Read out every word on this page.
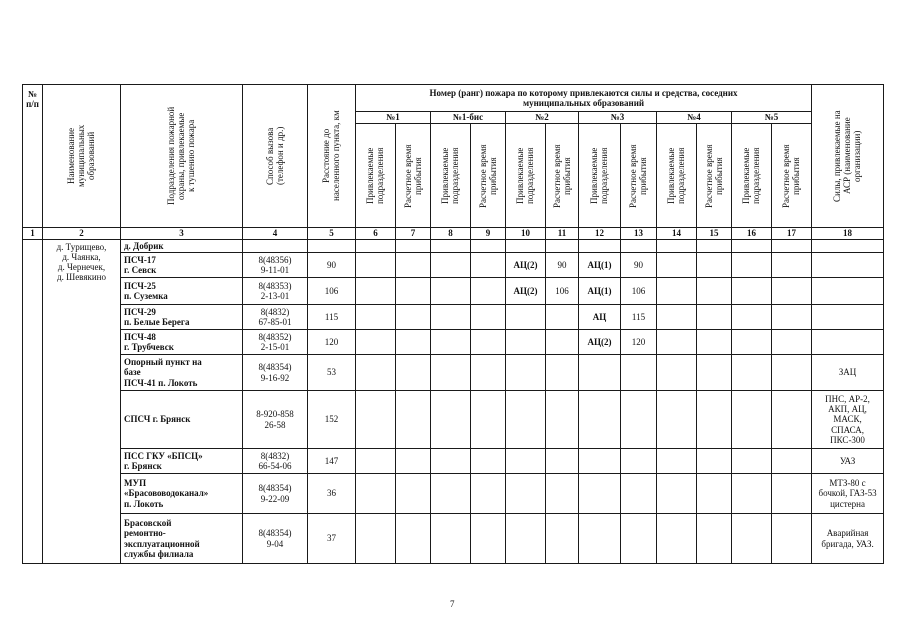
№
п/п	Наименование
муниципальных
образований	Подразделения пожарной
охраны, привлекаемые
к тушению пожара	Способ вызова
(телефон и др.)	Расстояние до
населенного пункта, км	Номер (ранг) пожара по которому привлекаются силы и средства, соседних
муниципальных образований												Силы, привлекаемые на
АСР (наименование
организации)

					№1		№1-бис		№2		№3		№4		№5		

					Привлекаемые
подразделения	Расчетное время
прибытия	Привлекаемые
подразделения	Расчетное время
прибытия	Привлекаемые
подразделения	Расчетное время
прибытия	Привлекаемые
подразделения	Расчетное время
прибытия	Привлекаемые
подразделения	Расчетное время
прибытия	Привлекаемые
подразделения	Расчетное время
прибытия	

1	2	3	4	5	6	7	8	9	10	11	12	13	14	15	16	17	18
	д. Турищево,
д. Чаянка,
д. Чернечек,
д. Шевякино	д. Добрик															
		ПСЧ-17
г. Севск	8(48356)
9-11-01	90					АЦ(2)	90	АЦ(1)	90					
		ПСЧ-25
п. Суземка	8(48353)
2-13-01	106					АЦ(2)	106	АЦ(1)	106					
		ПСЧ-29
п. Белые Берега	8(4832)
67-85-01	115							АЦ	115					
		ПСЧ-48
г. Трубчевск	8(48352)
2-15-01	120							АЦ(2)	120					
		Опорный пункт на
базе
ПСЧ-41 п. Локоть	8(48354)
9-16-92	53													ЗАЦ
		СПСЧ г. Брянск	8-920-858
26-58	152													ПНС, АР-2,
АКП, АЦ,
МАСК,
СПАСА,
ПКС-300
		ПСС ГКУ «БПСЦ»
г. Брянск	8(4832)
66-54-06	147													УАЗ
		МУП
«Брасововодоканал»
п. Локоть	8(48354)
9-22-09	36													МТЗ-80 с
бочкой, ГАЗ-53
цистерна
		Брасовской
ремонтно-
эксплуатационной
службы филиала	8(48354)
9-04	37													Аварийная
бригада, УАЗ.
7
